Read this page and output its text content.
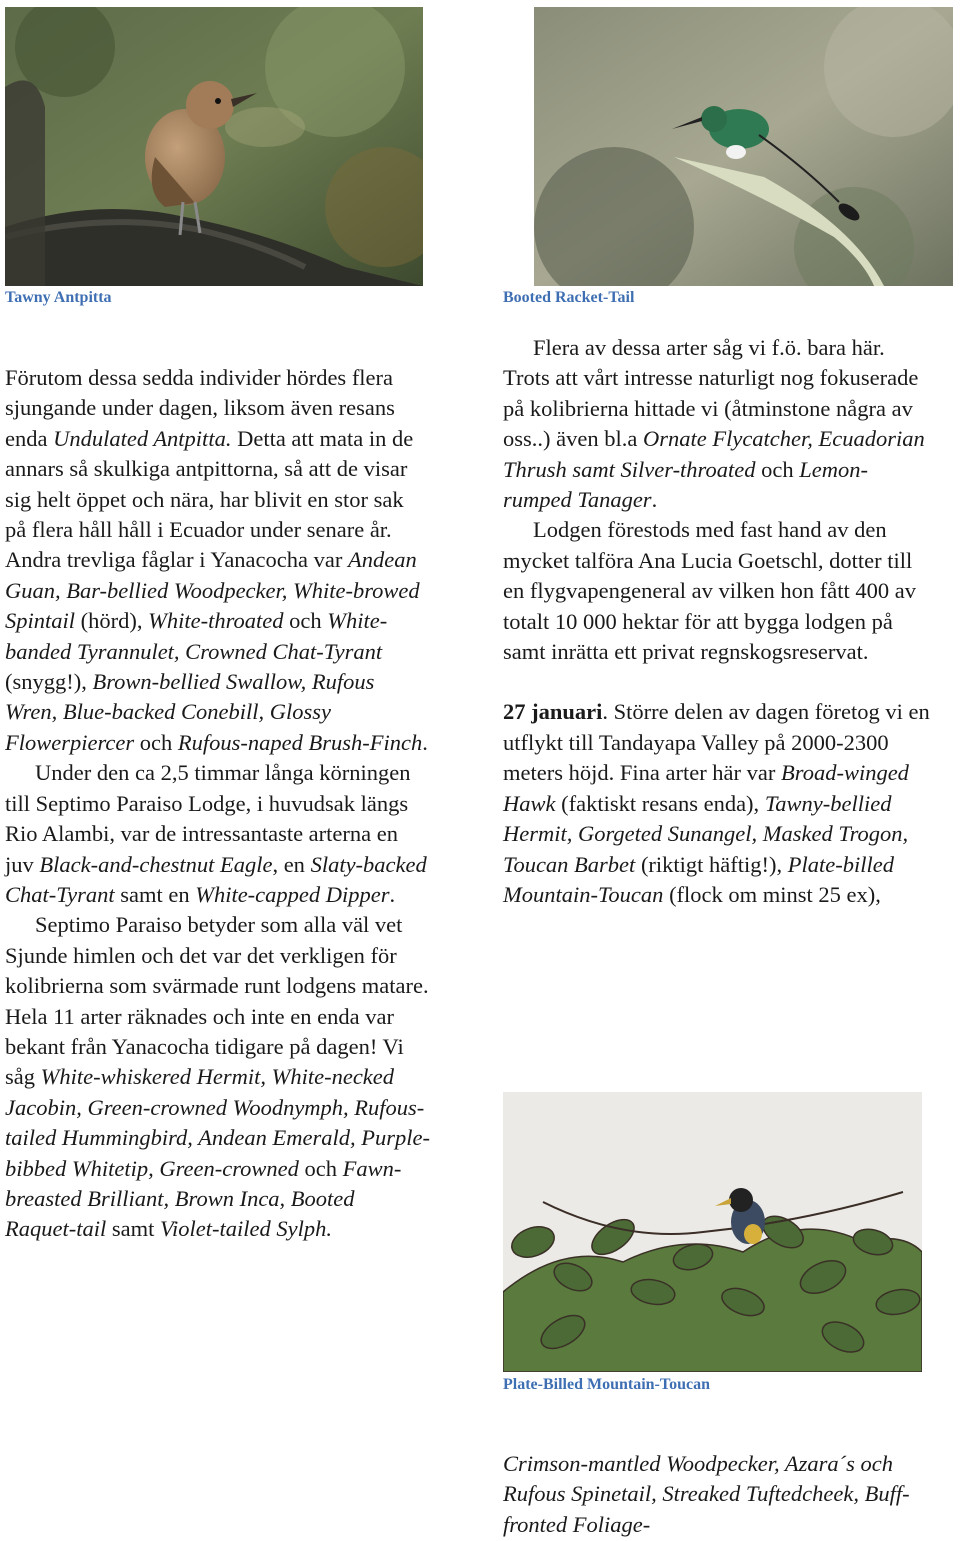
Tawny Antpitta	Booted Racket-Tail

Förutom dessa sedda individer hördes flera sjungande under dagen, liksom även resans enda Undulated Antpitta. Detta att mata in de annars så skulkiga antpittorna, så att de visar sig helt öppet och nära, har blivit en stor sak på flera håll håll i Ecuador under senare år. Andra trevliga fåglar i Yanacocha var Andean Guan, Bar-bellied Woodpecker, White-browed Spintail (hörd), White-throated och White-banded Tyrannulet, Crowned Chat-Tyrant (snygg!), Brown-bellied Swallow, Rufous Wren, Blue-backed Conebill, Glossy Flowerpiercer och Rufous-naped Brush-Finch.

Under den ca 2,5 timmar långa körningen till Septimo Paraiso Lodge, i huvudsak längs Rio Alambi, var de intressantaste arterna en juv Black-and-chestnut Eagle, en Slaty-backed Chat-Tyrant samt en White-capped Dipper.

Septimo Paraiso betyder som alla väl vet Sjunde himlen och det var det verkligen för kolibrierna som svärmade runt lodgens matare. Hela 11 arter räknades och inte en enda var bekant från Yanacocha tidigare på dagen! Vi såg White-whiskered Hermit, White-necked Jacobin, Green-crowned Woodnymph, Rufous-tailed Hummingbird, Andean Emerald, Purple-bibbed Whitetip, Green-crowned och Fawn-breasted Brilliant, Brown Inca, Booted Raquet-tail samt Violet-tailed Sylph.

Flera av dessa arter såg vi f.ö. bara här. Trots att vårt intresse naturligt nog fokuserade på kolibrierna hittade vi (åtminstone några av oss..) även bl.a Ornate Flycatcher, Ecuadorian Thrush samt Silver-throated och Lemon-rumped Tanager.

Lodgen förestods med fast hand av den mycket talföra Ana Lucia Goetschl, dotter till en flygvapengeneral av vilken hon fått 400 av totalt 10 000 hektar för att bygga lodgen på samt inrätta ett privat regnskogsreservat.

27 januari. Större delen av dagen företog vi en utflykt till Tandayapa Valley på 2000-2300 meters höjd. Fina arter här var Broad-winged Hawk (faktiskt resans enda), Tawny-bellied Hermit, Gorgeted Sunangel, Masked Trogon, Toucan Barbet (riktigt häftig!), Plate-billed Mountain-Toucan (flock om minst 25 ex),

Plate-Billed Mountain-Toucan

Crimson-mantled Woodpecker, Azara´s och Rufous Spinetail, Streaked Tuftedcheek, Buff-fronted Foliage-
